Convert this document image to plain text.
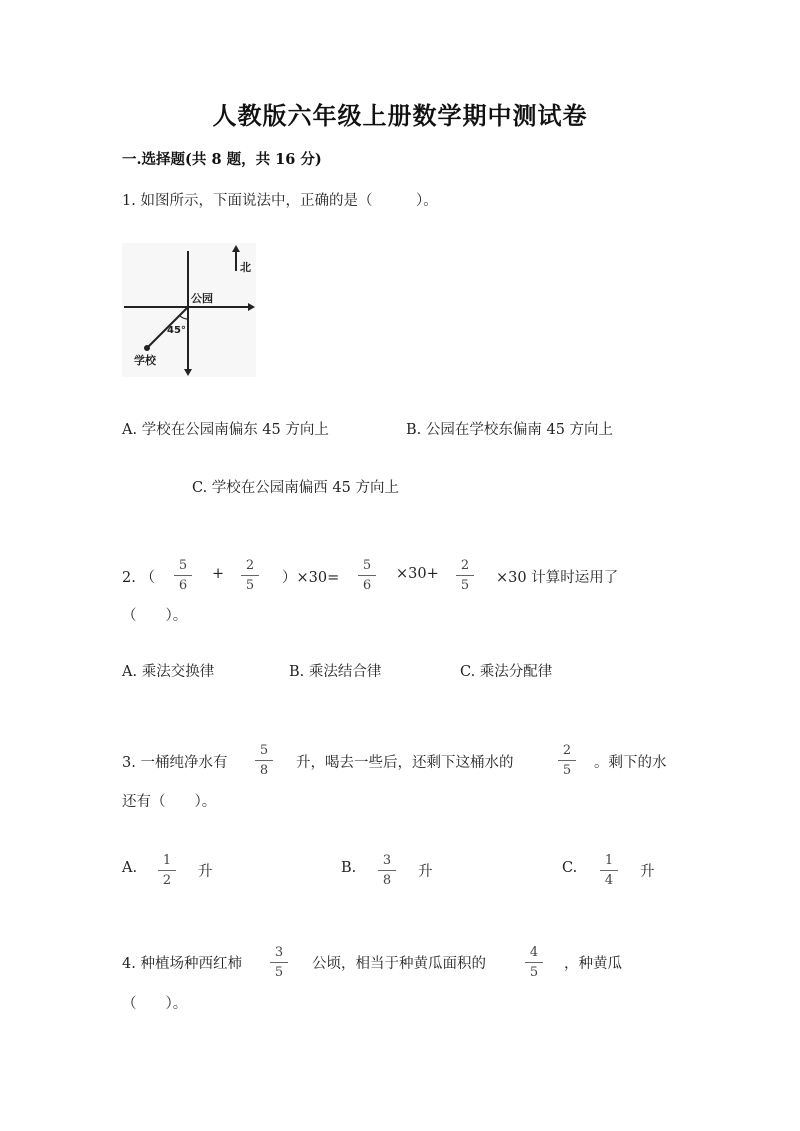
人教版六年级上册数学期中测试卷
一.选择题(共 8 题，共 16 分)
1. 如图所示，下面说法中，正确的是（　　　）。
北
公园
45°
学校
A. 学校在公园南偏东 45 方向上	B. 公园在学校东偏南 45 方向上
C. 学校在公园南偏西 45 方向上
2. （
5
6
+
2
5	）×30=
5
6
×30+
2
5	×30 计算时运用了
（　　）。
A. 乘法交换律	B. 乘法结合律	C. 乘法分配律
3. 一桶纯净水有
5
8	升，喝去一些后，还剩下这桶水的
2
5	。剩下的水
还有（　　）。
A.	1
2
升	B.	3
8
升	C.	1
4
升
4. 种植场种西红柿
3
5
公顷，相当于种黄瓜面积的
4
5
，种黄瓜
（　　）。
